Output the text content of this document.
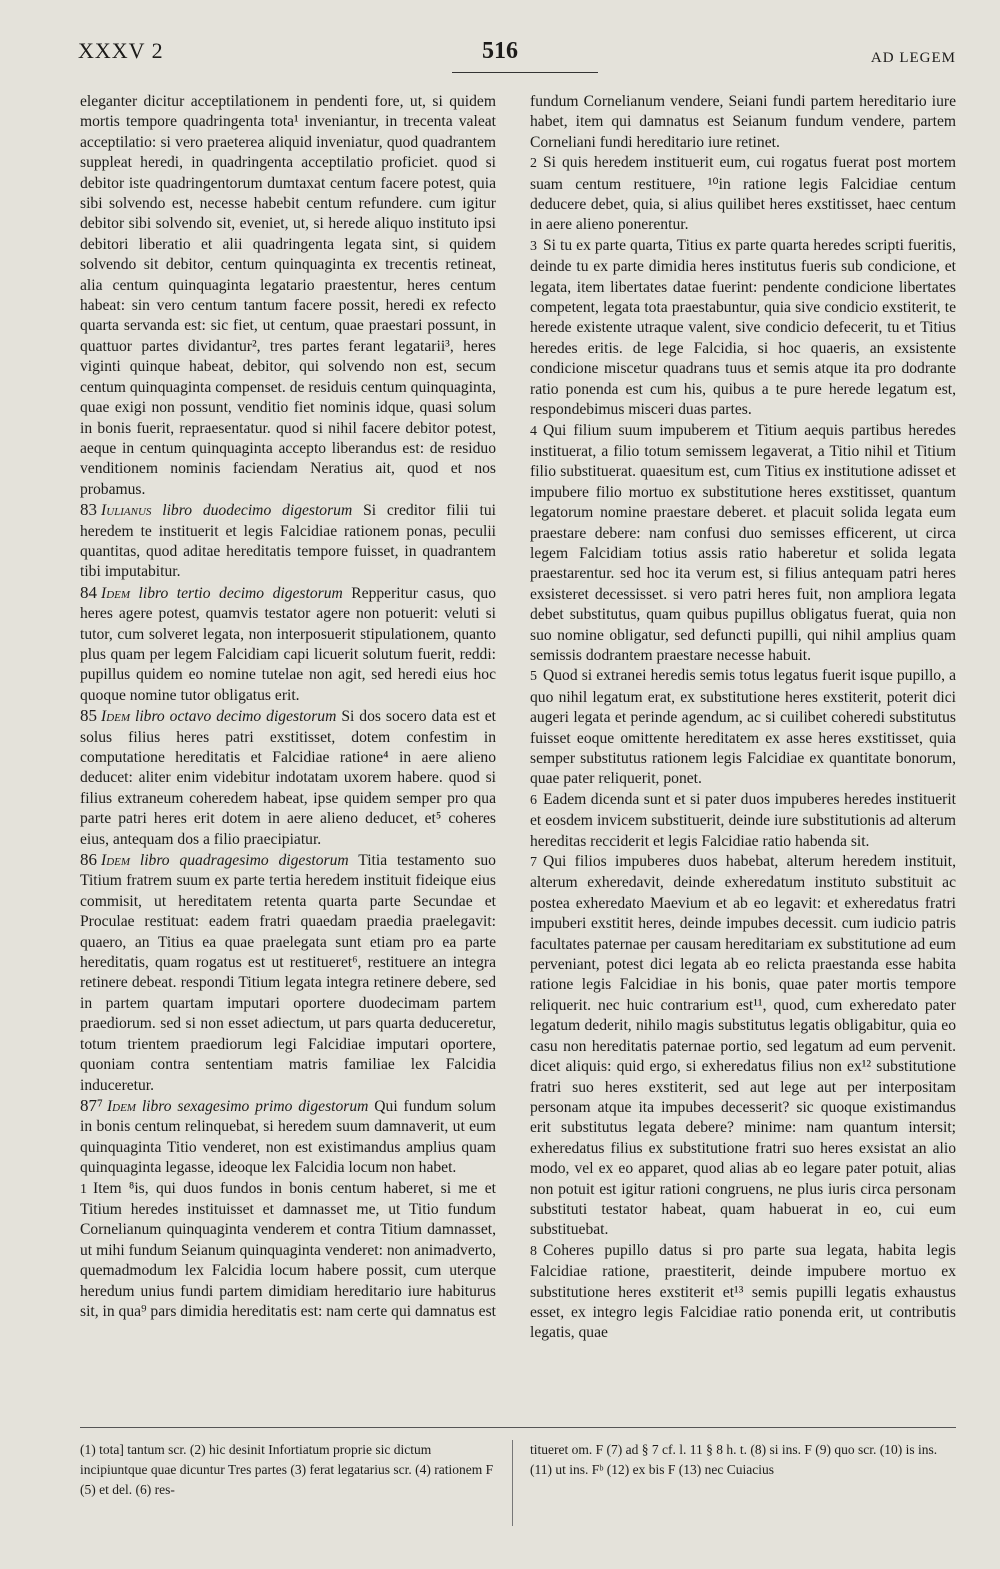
XXXV 2	516	AD LEGEM

eleganter dicitur acceptilationem in pendenti fore, ut, si quidem mortis tempore quadringenta tota¹ inveniantur, in trecenta valeat acceptilatio: si vero praeterea aliquid inveniatur, quod quadrantem suppleat heredi, in quadringenta acceptilatio proficiet. quod si debitor iste quadringentorum dumtaxat centum facere potest, quia sibi solvendo est, necesse habebit centum refundere. cum igitur debitor sibi solvendo sit, eveniet, ut, si herede aliquo instituto ipsi debitori liberatio et alii quadringenta legata sint, si quidem solvendo sit debitor, centum quinquaginta ex trecentis retineat, alia centum quinquaginta legatario praestentur, heres centum habeat: sin vero centum tantum facere possit, heredi ex refecto quarta servanda est: sic fiet, ut centum, quae praestari possunt, in quattuor partes dividantur², tres partes ferant legatarii³, heres viginti quinque habeat, debitor, qui solvendo non est, secum centum quinquaginta compenset. de residuis centum quinquaginta, quae exigi non possunt, venditio fiet nominis idque, quasi solum in bonis fuerit, repraesentatur. quod si nihil facere debitor potest, aeque in centum quinquaginta accepto liberandus est: de residuo venditionem nominis faciendam Neratius ait, quod et nos probamus.

83 Iulianus libro duodecimo digestorum Si creditor filii tui heredem te instituerit et legis Falcidiae rationem ponas, peculii quantitas, quod aditae hereditatis tempore fuisset, in quadrantem tibi imputabitur.

84 Idem libro tertio decimo digestorum Repperitur casus, quo heres agere potest, quamvis testator agere non potuerit: veluti si tutor, cum solveret legata, non interposuerit stipulationem, quanto plus quam per legem Falcidiam capi licuerit solutum fuerit, reddi: pupillus quidem eo nomine tutelae non agit, sed heredi eius hoc quoque nomine tutor obligatus erit.

85 Idem libro octavo decimo digestorum Si dos socero data est et solus filius heres patri exstitisset, dotem confestim in computatione hereditatis et Falcidiae ratione⁴ in aere alieno deducet: aliter enim videbitur indotatam uxorem habere. quod si filius extraneum coheredem habeat, ipse quidem semper pro qua parte patri heres erit dotem in aere alieno deducet, et⁵ coheres eius, antequam dos a filio praecipiatur.

86 Idem libro quadragesimo digestorum Titia testamento suo Titium fratrem suum ex parte tertia heredem instituit fideique eius commisit, ut hereditatem retenta quarta parte Secundae et Proculae restituat: eadem fratri quaedam praedia praelegavit: quaero, an Titius ea quae praelegata sunt etiam pro ea parte hereditatis, quam rogatus est ut restitueret⁶, restituere an integra retinere debeat. respondi Titium legata integra retinere debere, sed in partem quartam imputari oportere duodecimam partem praediorum. sed si non esset adiectum, ut pars quarta deduceretur, totum trientem praediorum legi Falcidiae imputari oportere, quoniam contra sententiam matris familiae lex Falcidia induceretur.

87⁷ Idem libro sexagesimo primo digestorum Qui fundum solum in bonis centum relinquebat, si heredem suum damnaverit, ut eum quinquaginta Titio venderet, non est existimandus amplius quam quinquaginta legasse, ideoque lex Falcidia locum non habet.

1 Item ⁸is, qui duos fundos in bonis centum haberet, si me et Titium heredes instituisset et damnasset me, ut Titio fundum Cornelianum quinquaginta venderem et contra Titium damnasset, ut mihi fundum Seianum quinquaginta venderet: non animadverto, quemadmodum lex Falcidia locum habere possit, cum uterque heredum unius fundi partem dimidiam hereditario iure habiturus sit, in qua⁹ pars dimidia hereditatis est: nam certe qui damnatus est

fundum Cornelianum vendere, Seiani fundi partem hereditario iure habet, item qui damnatus est Seianum fundum vendere, partem Corneliani fundi hereditario iure retinet.

2 Si quis heredem instituerit eum, cui rogatus fuerat post mortem suam centum restituere, ¹⁰in ratione legis Falcidiae centum deducere debet, quia, si alius quilibet heres exstitisset, haec centum in aere alieno ponerentur.

3 Si tu ex parte quarta, Titius ex parte quarta heredes scripti fueritis, deinde tu ex parte dimidia heres institutus fueris sub condicione, et legata, item libertates datae fuerint: pendente condicione libertates competent, legata tota praestabuntur, quia sive condicio exstiterit, te herede existente utraque valent, sive condicio defecerit, tu et Titius heredes eritis. de lege Falcidia, si hoc quaeris, an exsistente condicione miscetur quadrans tuus et semis atque ita pro dodrante ratio ponenda est cum his, quibus a te pure herede legatum est, respondebimus misceri duas partes.

4 Qui filium suum impuberem et Titium aequis partibus heredes instituerat, a filio totum semissem legaverat, a Titio nihil et Titium filio substituerat. quaesitum est, cum Titius ex institutione adisset et impubere filio mortuo ex substitutione heres exstitisset, quantum legatorum nomine praestare deberet. et placuit solida legata eum praestare debere: nam confusi duo semisses efficerent, ut circa legem Falcidiam totius assis ratio haberetur et solida legata praestarentur. sed hoc ita verum est, si filius antequam patri heres exsisteret decessisset. si vero patri heres fuit, non ampliora legata debet substitutus, quam quibus pupillus obligatus fuerat, quia non suo nomine obligatur, sed defuncti pupilli, qui nihil amplius quam semissis dodrantem praestare necesse habuit.

5 Quod si extranei heredis semis totus legatus fuerit isque pupillo, a quo nihil legatum erat, ex substitutione heres exstiterit, poterit dici augeri legata et perinde agendum, ac si cuilibet coheredi substitutus fuisset eoque omittente hereditatem ex asse heres exstitisset, quia semper substitutus rationem legis Falcidiae ex quantitate bonorum, quae pater reliquerit, ponet.

6 Eadem dicenda sunt et si pater duos impuberes heredes instituerit et eosdem invicem substituerit, deinde iure substitutionis ad alterum hereditas recciderit et legis Falcidiae ratio habenda sit.

7 Qui filios impuberes duos habebat, alterum heredem instituit, alterum exheredavit, deinde exheredatum instituto substituit ac postea exheredato Maevium et ab eo legavit: et exheredatus fratri impuberi exstitit heres, deinde impubes decessit. cum iudicio patris facultates paternae per causam hereditariam ex substitutione ad eum perveniant, potest dici legata ab eo relicta praestanda esse habita ratione legis Falcidiae in his bonis, quae pater mortis tempore reliquerit. nec huic contrarium est¹¹, quod, cum exheredato pater legatum dederit, nihilo magis substitutus legatis obligabitur, quia eo casu non hereditatis paternae portio, sed legatum ad eum pervenit. dicet aliquis: quid ergo, si exheredatus filius non ex¹² substitutione fratri suo heres exstiterit, sed aut lege aut per interpositam personam atque ita impubes decesserit? sic quoque existimandus erit substitutus legata debere? minime: nam quantum intersit; exheredatus filius ex substitutione fratri suo heres exsistat an alio modo, vel ex eo apparet, quod alias ab eo legare pater potuit, alias non potuit est igitur rationi congruens, ne plus iuris circa personam substituti testator habeat, quam habuerat in eo, cui eum substituebat.

8 Coheres pupillo datus si pro parte sua legata, habita legis Falcidiae ratione, praestiterit, deinde impubere mortuo ex substitutione heres exstiterit et¹³ semis pupilli legatis exhaustus esset, ex integro legis Falcidiae ratio ponenda erit, ut contributis legatis, quae

(1) tota] tantum scr. (2) hic desinit Infortiatum proprie sic dictum incipiuntque quae dicuntur Tres partes (3) ferat legatarius scr. (4) rationem F (5) et del. (6) res-
titueret om. F (7) ad § 7 cf. l. 11 § 8 h. t. (8) si ins. F (9) quo scr. (10) is ins. (11) ut ins. Fᵇ (12) ex bis F (13) nec Cuiacius
